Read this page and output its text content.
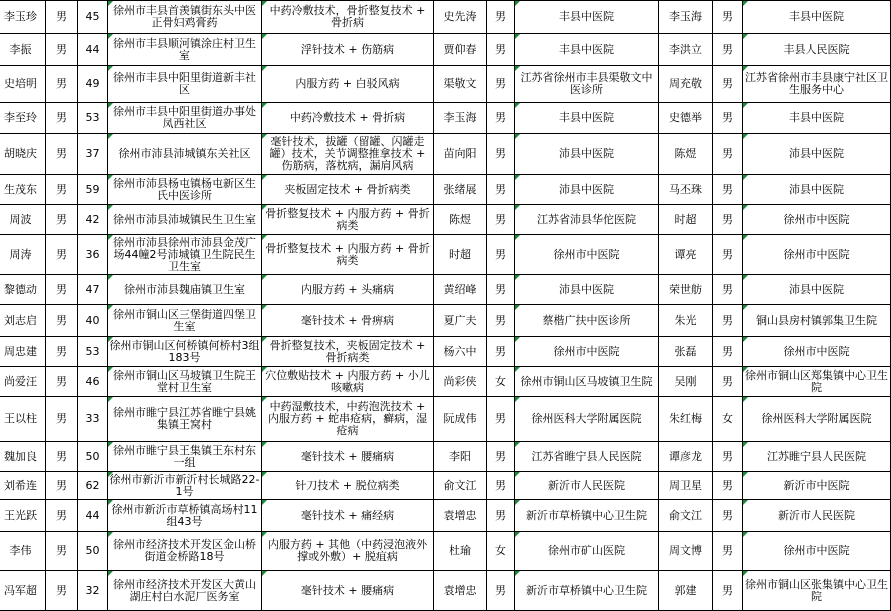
李玉珍	男	45	徐州市丰县首羡镇街东头中医正骨妇鸡膏药	中药冷敷技术，骨折整复技术 + 骨折病	史先涛	男	丰县中医院	李玉海	男	丰县中医院
李振	男	44	徐州市丰县顺河镇涂庄村卫生室	浮针技术 + 伤筋病	贾仰春	男	丰县中医院	李洪立	男	丰县人民医院
史培明	男	49	徐州市丰县中阳里街道新丰社区	内服方药 + 白驳风病	渠敬文	男	江苏省徐州市丰县渠敬文中医诊所	周充敬	男	江苏省徐州市丰县康宁社区卫生服务中心
李至玲	男	53	徐州市丰县中阳里街道办事处凤西社区	中药冷敷技术 + 骨折病	李玉海	男	丰县中医院	史德举	男	丰县中医院
胡晓庆	男	37	徐州市沛县沛城镇东关社区	毫针技术，拔罐（留罐、闪罐走罐）技术，关节调整推拿技术 + 伤筋病，落枕病，漏肩风病	苗向阳	男	沛县中医院	陈煜	男	沛县中医院
生茂东	男	59	徐州市沛县杨屯镇杨屯新区生氏中医诊所	夹板固定技术 + 骨折病类	张绪展	男	沛县中医院	马丕珠	男	沛县中医院
周波	男	42	徐州市沛县沛城镇民生卫生室	骨折整复技术 + 内服方药 + 骨折病类	陈煜	男	江苏省沛县华佗医院	时超	男	徐州市中医院
周涛	男	36	徐州市沛县徐州市沛县金茂广场44幢2号沛城镇卫生院民生卫生室	骨折整复技术 + 内服方药 + 骨折病类	时超	男	徐州市中医院	谭亮	男	徐州市中医院
黎德动	男	47	徐州市沛县魏庙镇卫生室	内服方药 + 头痛病	黄绍峰	男	沛县中医院	荣世舫	男	沛县中医院
刘志启	男	40	徐州市铜山区三堡街道四堡卫生室	毫针技术 + 骨痹病	夏广夫	男	蔡楷广扶中医诊所	朱光	男	铜山县房村镇郭集卫生院
周忠建	男	53	徐州市铜山区何桥镇何桥村3组183号	骨折整复技术，夹板固定技术 + 骨折病类	杨六中	男	徐州市中医院	张磊	男	徐州市中医院
尚爱汪	男	46	徐州市铜山区马坡镇卫生院王堂村卫生室	穴位敷贴技术 + 内服方药 + 小儿咳嗽病	尚彩侠	女	徐州市铜山区马坡镇卫生院	吴刚	男	徐州市铜山区郑集镇中心卫生院
王以柱	男	33	徐州市睢宁县江苏省睢宁县姚集镇王窝村	中药湿敷技术，中药泡洗技术 + 内服方药 + 蛇串疮病，癣病，湿疮病	阮成伟	男	徐州医科大学附属医院	朱红梅	女	徐州医科大学附属医院
魏加良	男	50	徐州市睢宁县王集镇王东村东一组	毫针技术 + 腰痛病	李阳	男	江苏省睢宁县人民医院	谭彦龙	男	江苏睢宁县人民医院
刘希连	男	62	徐州市新沂市新沂村长城路22-1号	针刀技术 + 脱位病类	俞文江	男	新沂市人民医院	周卫星	男	新沂市中医院
王光跃	男	44	徐州市新沂市草桥镇高场村11组43号	毫针技术 + 痛经病	袁增忠	男	新沂市草桥镇中心卫生院	俞文江	男	新沂市人民医院
李伟	男	50	徐州市经济技术开发区金山桥街道金桥路18号	内服方药 + 其他（中药浸泡液外撑或外敷）+ 脱疽病	杜瑜	女	徐州市矿山医院	周文博	男	徐州市中医院
冯军超	男	32	徐州市经济技术开发区大黄山湖庄村白水泥厂医务室	毫针技术 + 腰痛病	袁增忠	男	新沂市草桥镇中心卫生院	郭建	男	徐州市铜山区张集镇中心卫生院
